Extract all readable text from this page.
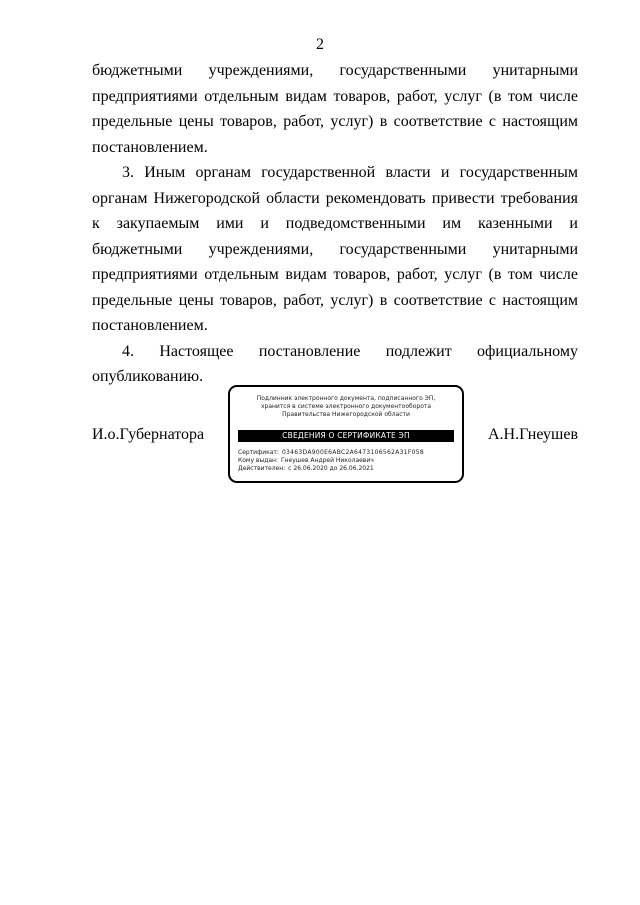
2

бюджетными учреждениями, государственными унитарными предприятиями отдельным видам товаров, работ, услуг (в том числе предельные цены товаров, работ, услуг) в соответствие с настоящим постановлением.

3. Иным органам государственной власти и государственным органам Нижегородской области рекомендовать привести требования к закупаемым ими и подведомственными им казенными и бюджетными учреждениями, государственными унитарными предприятиями отдельным видам товаров, работ, услуг (в том числе предельные цены товаров, работ, услуг) в соответствие с настоящим постановлением.

4. Настоящее постановление подлежит официальному опубликованию.

И.о.Губернатора
Подлинник электронного документа, подписанного ЭП,
хранится в системе электронного документооборота
Правительства Нижегородской области
СВЕДЕНИЯ О СЕРТИФИКАТЕ ЭП
Сертификат: 03463DA900E6ABC2A6473106562A31F058
Кому выдан: Гнеушев Андрей Николаевич
Действителен: с 26.06.2020 до 26.06.2021
А.Н.Гнеушев
